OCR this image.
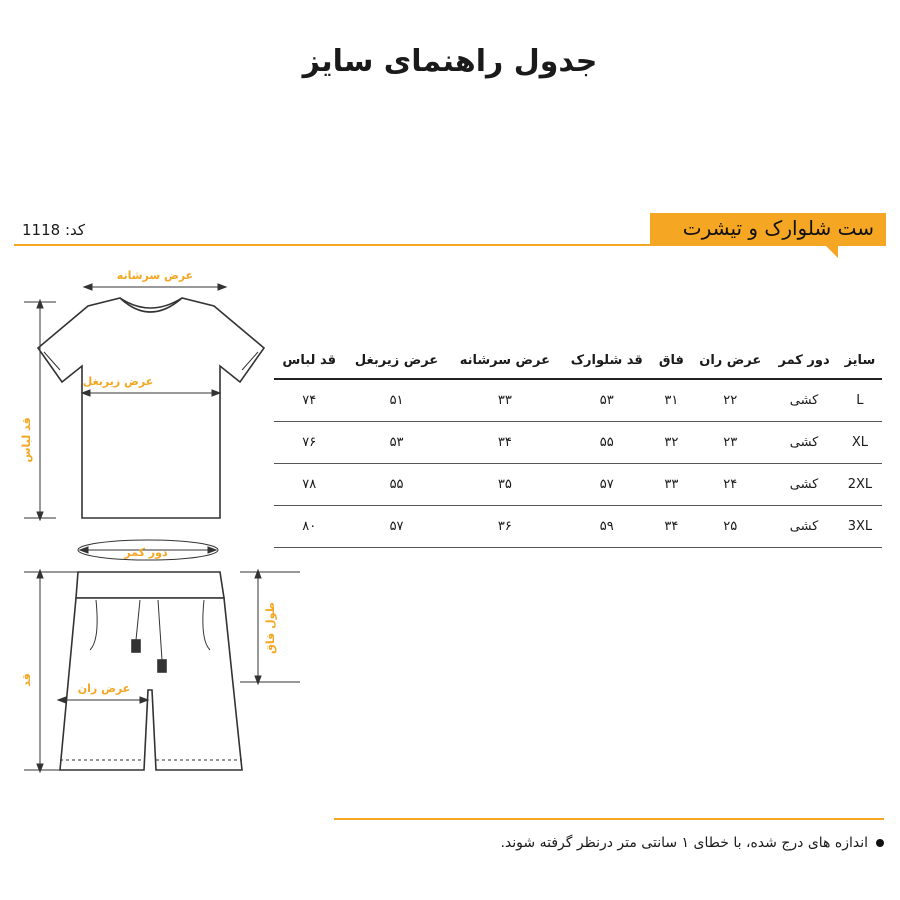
جدول راهنمای سایز
ست شلوارک و تیشرت
کد: 1118
عرض سرشانه
عرض زیربغل
قد لباس
دور کمر
طول فاق
عرض ران
قد
سایز	دور کمر	عرض ران	فاق	قد شلوارک	عرض سرشانه	عرض زیربغل	قد لباس
L	کشی	۲۲	۳۱	۵۳	۳۳	۵۱	۷۴
XL	کشی	۲۳	۳۲	۵۵	۳۴	۵۳	۷۶
2XL	کشی	۲۴	۳۳	۵۷	۳۵	۵۵	۷۸
3XL	کشی	۲۵	۳۴	۵۹	۳۶	۵۷	۸۰
اندازه های درج شده، با خطای ۱ سانتی متر درنظر گرفته شوند.
